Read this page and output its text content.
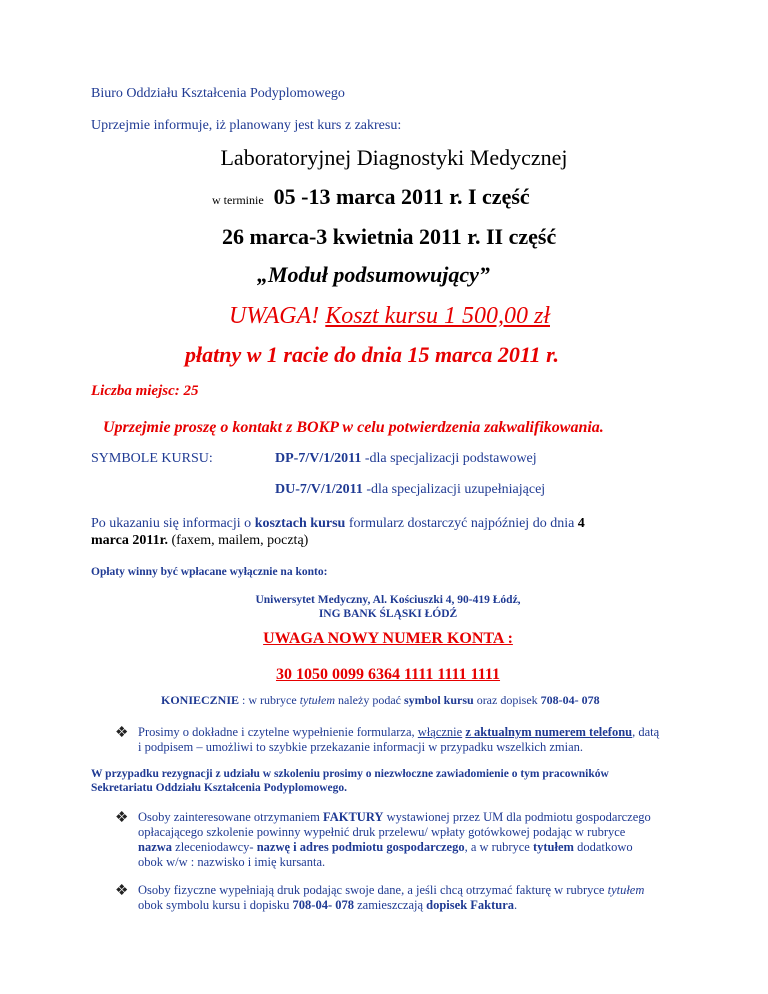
Biuro Oddziału Kształcenia Podyplomowego
Uprzejmie informuje, iż planowany jest kurs z zakresu:
Laboratoryjnej Diagnostyki Medycznej
w terminie 05 -13 marca 2011 r. I część
26 marca-3 kwietnia 2011 r. II część
„Moduł podsumowujący”
UWAGA! Koszt kursu 1 500,00 zł
płatny w 1 racie do dnia 15 marca 2011 r.
Liczba miejsc: 25
Uprzejmie proszę o kontakt z BOKP w celu potwierdzenia zakwalifikowania.
SYMBOLE KURSU:	DP-7/V/1/2011 -dla specjalizacji podstawowej
DU-7/V/1/2011 -dla specjalizacji uzupełniającej
Po ukazaniu się informacji o kosztach kursu formularz dostarczyć najpóźniej do dnia 4
marca 2011r. (faxem, mailem, pocztą)
Opłaty winny być wpłacane wyłącznie na konto:
Uniwersytet Medyczny, Al. Kościuszki 4, 90-419 Łódź,
ING BANK ŚLĄSKI ŁÓDŹ
UWAGA NOWY NUMER KONTA :
30 1050 0099 6364 1111 1111 1111
KONIECZNIE : w rubryce tytułem należy podać symbol kursu oraz dopisek 708-04- 078
❖ Prosimy o dokładne i czytelne wypełnienie formularza, włącznie z aktualnym numerem telefonu, datą
i podpisem – umożliwi to szybkie przekazanie informacji w przypadku wszelkich zmian.
W przypadku rezygnacji z udziału w szkoleniu prosimy o niezwłoczne zawiadomienie o tym pracowników
Sekretariatu Oddziału Kształcenia Podyplomowego.
❖ Osoby zainteresowane otrzymaniem FAKTURY wystawionej przez UM dla podmiotu gospodarczego
opłacającego szkolenie powinny wypełnić druk przelewu/ wpłaty gotówkowej podając w rubryce
nazwa zleceniodawcy- nazwę i adres podmiotu gospodarczego, a w rubryce tytułem dodatkowo
obok w/w : nazwisko i imię kursanta.
❖ Osoby fizyczne wypełniają druk podając swoje dane, a jeśli chcą otrzymać fakturę w rubryce tytułem
obok symbolu kursu i dopisku 708-04- 078 zamieszczają dopisek Faktura.
